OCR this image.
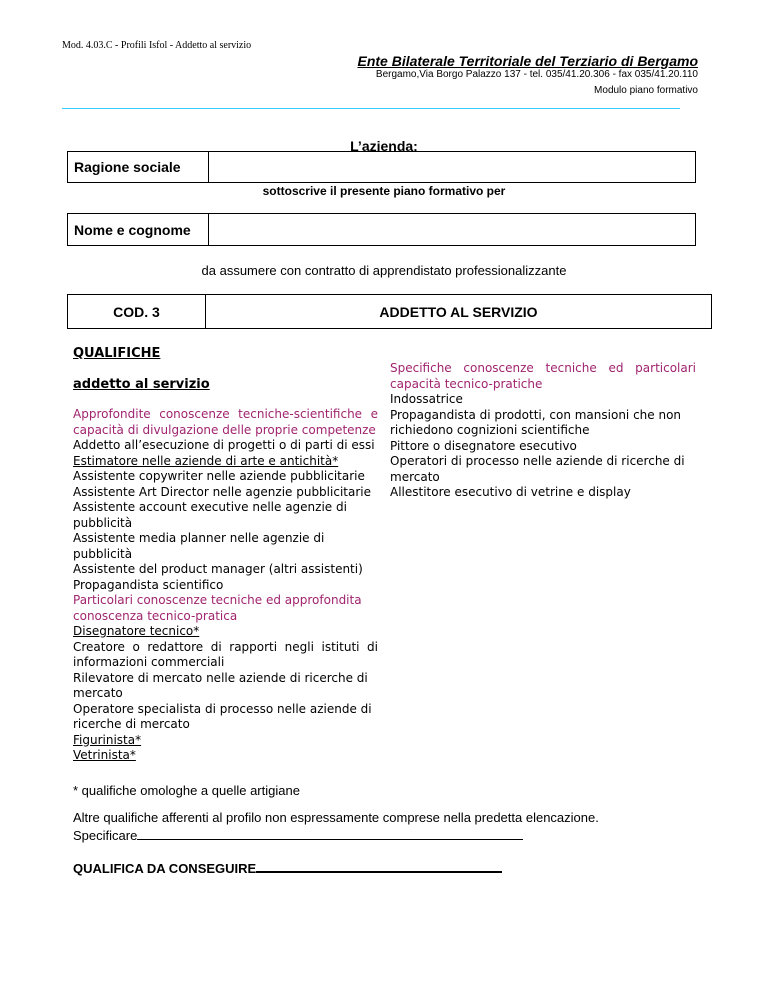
Mod. 4.03.C - Profili Isfol - Addetto al servizio
Ente Bilaterale Territoriale del Terziario di Bergamo
Bergamo,Via Borgo Palazzo 137 - tel. 035/41.20.306 - fax 035/41.20.110
Modulo piano formativo
L’azienda:
Ragione sociale
sottoscrive il presente piano formativo per
Nome e cognome
da assumere con contratto di apprendistato professionalizzante
COD. 3	ADDETTO AL SERVIZIO
QUALIFICHE
addetto al servizio
Approfondite conoscenze tecniche-scientifiche e
capacità di divulgazione delle proprie competenze
Addetto all’esecuzione di progetti o di parti di essi
Estimatore nelle aziende di arte e antichità*
Assistente copywriter nelle aziende pubblicitarie
Assistente Art Director nelle agenzie pubblicitarie
Assistente account executive nelle agenzie di
pubblicità
Assistente media planner nelle agenzie di pubblicità
Assistente del product manager (altri assistenti)
Propagandista scientifico
Particolari conoscenze tecniche ed approfondita
conoscenza tecnico-pratica
Disegnatore tecnico*
Creatore o redattore di rapporti negli istituti di
informazioni commerciali
Rilevatore di mercato nelle aziende di ricerche di
mercato
Operatore specialista di processo nelle aziende di
ricerche di mercato
Figurinista*
Vetrinista*
Specifiche conoscenze tecniche ed particolari
capacità tecnico-pratiche
Indossatrice
Propagandista di prodotti, con mansioni che non
richiedono cognizioni scientifiche
Pittore o disegnatore esecutivo
Operatori di processo nelle aziende di ricerche di
mercato
Allestitore esecutivo di vetrine e display
* qualifiche omologhe a quelle artigiane
Altre qualifiche afferenti al profilo non espressamente comprese nella predetta elencazione.
Specificare
QUALIFICA DA CONSEGUIRE
